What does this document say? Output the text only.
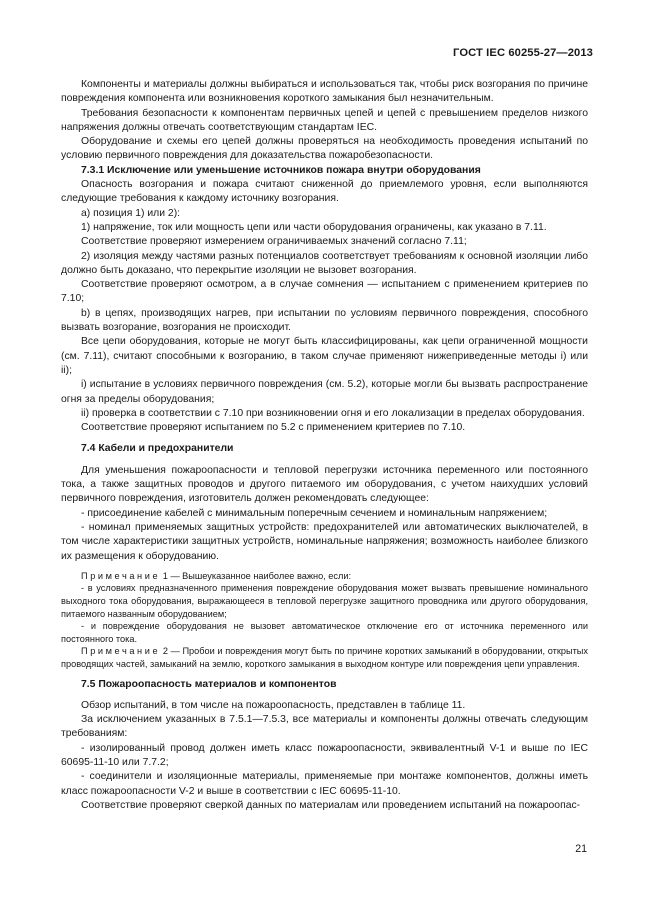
ГОСТ IEC 60255-27—2013

Компоненты и материалы должны выбираться и использоваться так, чтобы риск возгорания по причине повреждения компонента или возникновения короткого замыкания был незначительным.

Требования безопасности к компонентам первичных цепей и цепей с превышением пределов низкого напряжения должны отвечать соответствующим стандартам IEC.

Оборудование и схемы его цепей должны проверяться на необходимость проведения испытаний по условию первичного повреждения для доказательства пожаробезопасности.

7.3.1 Исключение или уменьшение источников пожара внутри оборудования

Опасность возгорания и пожара считают сниженной до приемлемого уровня, если выполняются следующие требования к каждому источнику возгорания.

а) позиция 1) или 2):

1) напряжение, ток или мощность цепи или части оборудования ограничены, как указано в 7.11.

Соответствие проверяют измерением ограничиваемых значений согласно 7.11;

2) изоляция между частями разных потенциалов соответствует требованиям к основной изоляции либо должно быть доказано, что перекрытие изоляции не вызовет возгорания.

Соответствие проверяют осмотром, а в случае сомнения — испытанием с применением критериев по 7.10;

b) в цепях, производящих нагрев, при испытании по условиям первичного повреждения, способного вызвать возгорание, возгорания не происходит.

Все цепи оборудования, которые не могут быть классифицированы, как цепи ограниченной мощности (см. 7.11), считают способными к возгоранию, в таком случае применяют нижеприведенные методы i) или ii);

i) испытание в условиях первичного повреждения (см. 5.2), которые могли бы вызвать распространение огня за пределы оборудования;

ii) проверка в соответствии с 7.10 при возникновении огня и его локализации в пределах оборудования.

Соответствие проверяют испытанием по 5.2 с применением критериев по 7.10.

7.4 Кабели и предохранители

Для уменьшения пожароопасности и тепловой перегрузки источника переменного или постоянного тока, а также защитных проводов и другого питаемого им оборудования, с учетом наихудших условий первичного повреждения, изготовитель должен рекомендовать следующее:

- присоединение кабелей с минимальным поперечным сечением и номинальным напряжением;

- номинал применяемых защитных устройств: предохранителей или автоматических выключателей, в том числе характеристики защитных устройств, номинальные напряжения; возможность наиболее близкого их размещения к оборудованию.

Примечание 1 — Вышеуказанное наиболее важно, если:

- в условиях предназначенного применения повреждение оборудования может вызвать превышение номинального выходного тока оборудования, выражающееся в тепловой перегрузке защитного проводника или другого оборудования, питаемого названным оборудованием;

- и повреждение оборудования не вызовет автоматическое отключение его от источника переменного или постоянного тока.

Примечание 2 — Пробои и повреждения могут быть по причине коротких замыканий в оборудовании, открытых проводящих частей, замыканий на землю, короткого замыкания в выходном контуре или повреждения цепи управления.

7.5 Пожароопасность материалов и компонентов

Обзор испытаний, в том числе на пожароопасность, представлен в таблице 11.

За исключением указанных в 7.5.1—7.5.3, все материалы и компоненты должны отвечать следующим требованиям:

- изолированный провод должен иметь класс пожароопасности, эквивалентный V-1 и выше по IEC 60695-11-10 или 7.7.2;

- соединители и изоляционные материалы, применяемые при монтаже компонентов, должны иметь класс пожароопасности V-2 и выше в соответствии с IEC 60695-11-10.

Соответствие проверяют сверкой данных по материалам или проведением испытаний на пожароопас-

21
